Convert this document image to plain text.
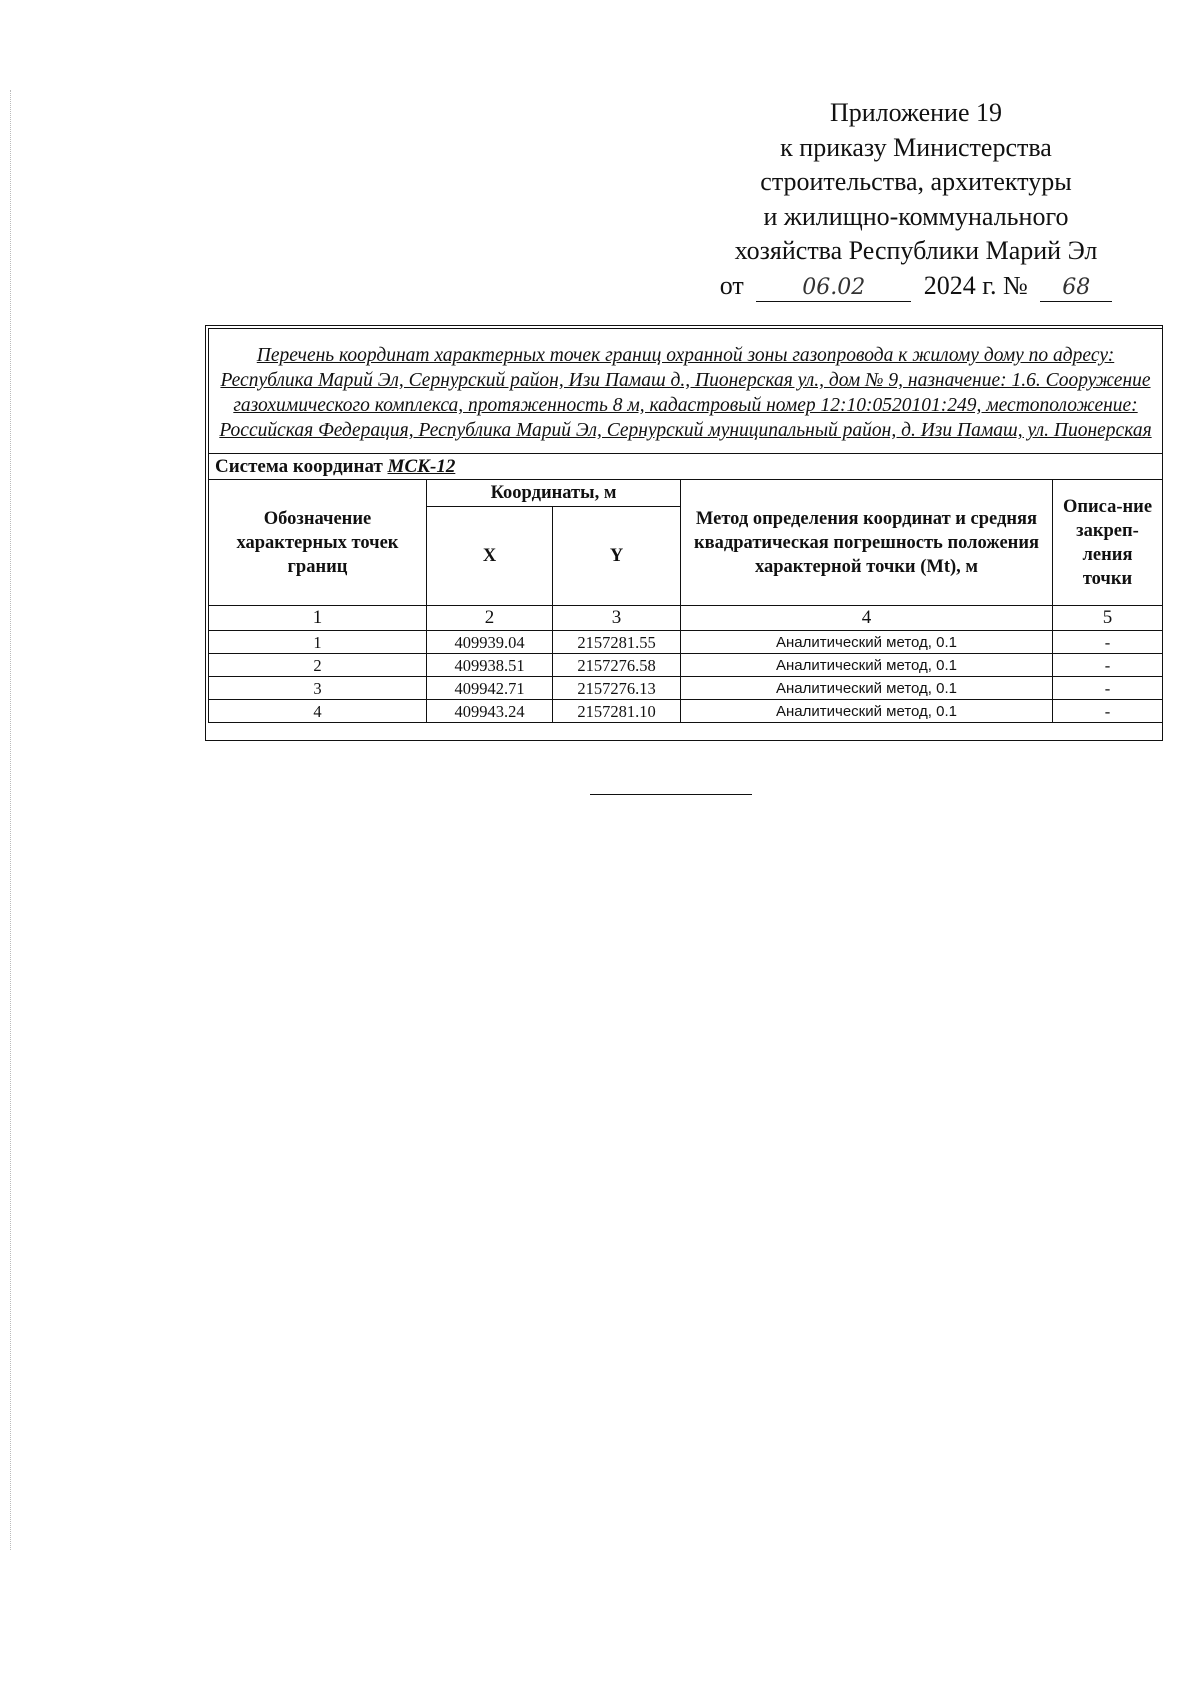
Приложение 19
к приказу Министерства
строительства, архитектуры
и жилищно-коммунального
хозяйства Республики Марий Эл
от	06.02 2024 г. № 68
Перечень координат характерных точек границ охранной зоны газопровода к жилому дому по адресу: Республика Марий Эл, Сернурский район, Изи Памаш д., Пионерская ул., дом № 9, назначение: 1.6. Сооружение газохимического комплекса, протяженность 8 м, кадастровый номер 12:10:0520101:249, местоположение: Российская Федерация, Республика Марий Эл, Сернурский муниципальный район, д. Изи Памаш, ул. Пионерская				
Система координат МСК-12				
Обозначение характерных точек границ	Координаты, м		Метод определения координат и средняя квадратическая погрешность положения характерной точки (Mt), м	Описа-ние закреп-ления точки
	X	Y		
1	2	3	4	5
1	409939.04	2157281.55	Аналитический метод, 0.1	-
2	409938.51	2157276.58	Аналитический метод, 0.1	-
3	409942.71	2157276.13	Аналитический метод, 0.1	-
4	409943.24	2157281.10	Аналитический метод, 0.1	-
